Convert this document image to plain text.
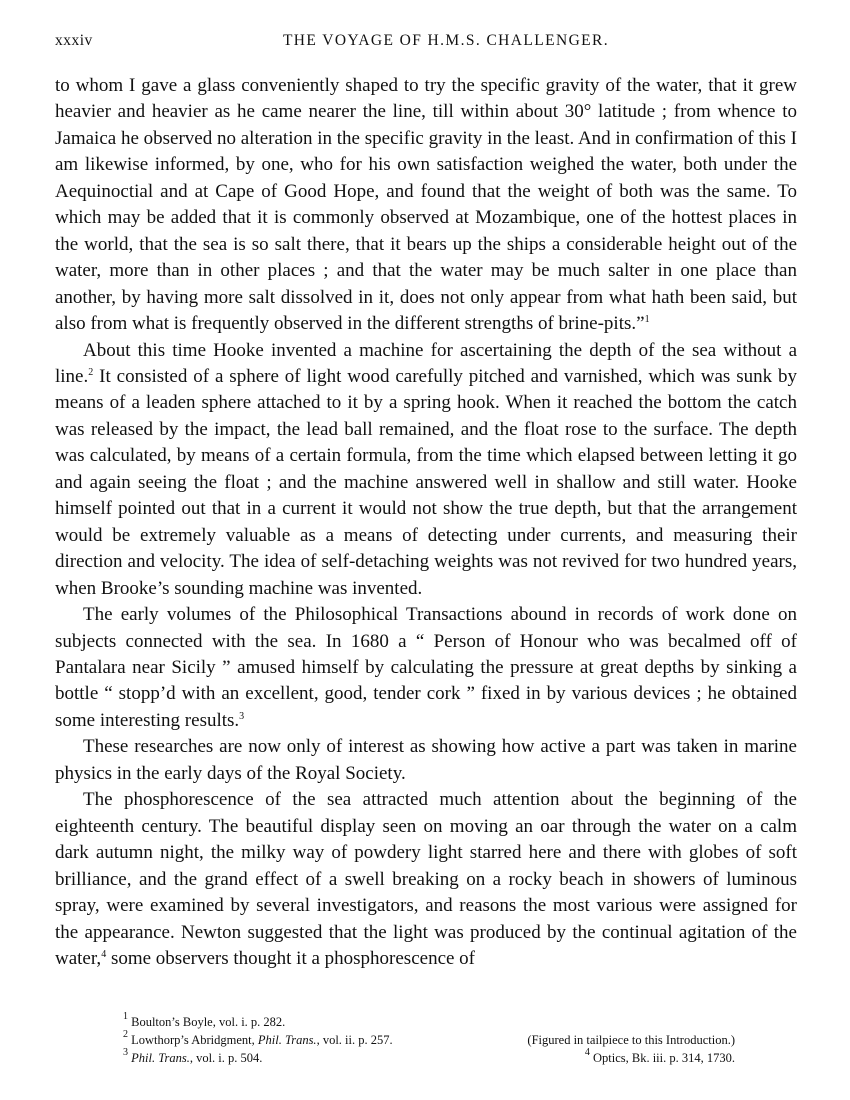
xxxiv	THE VOYAGE OF H.M.S. CHALLENGER.

to whom I gave a glass conveniently shaped to try the specific gravity of the water, that it grew heavier and heavier as he came nearer the line, till within about 30° latitude ; from whence to Jamaica he observed no alteration in the specific gravity in the least. And in confirmation of this I am likewise informed, by one, who for his own satisfaction weighed the water, both under the Aequinoctial and at Cape of Good Hope, and found that the weight of both was the same. To which may be added that it is commonly observed at Mozambique, one of the hottest places in the world, that the sea is so salt there, that it bears up the ships a considerable height out of the water, more than in other places ; and that the water may be much salter in one place than another, by having more salt dissolved in it, does not only appear from what hath been said, but also from what is frequently observed in the different strengths of brine-pits.”$^1$

About this time Hooke invented a machine for ascertaining the depth of the sea without a line.$^2$ It consisted of a sphere of light wood carefully pitched and varnished, which was sunk by means of a leaden sphere attached to it by a spring hook. When it reached the bottom the catch was released by the impact, the lead ball remained, and the float rose to the surface. The depth was calculated, by means of a certain formula, from the time which elapsed between letting it go and again seeing the float ; and the machine answered well in shallow and still water. Hooke himself pointed out that in a current it would not show the true depth, but that the arrangement would be extremely valuable as a means of detecting under currents, and measuring their direction and velocity. The idea of self-detaching weights was not revived for two hundred years, when Brooke’s sounding machine was invented.

The early volumes of the Philosophical Transactions abound in records of work done on subjects connected with the sea. In 1680 a “ Person of Honour who was becalmed off of Pantalara near Sicily ” amused himself by calculating the pressure at great depths by sinking a bottle “ stopp’d with an excellent, good, tender cork ” fixed in by various devices ; he obtained some interesting results.$^3$

These researches are now only of interest as showing how active a part was taken in marine physics in the early days of the Royal Society.

The phosphorescence of the sea attracted much attention about the beginning of the eighteenth century. The beautiful display seen on moving an oar through the water on a calm dark autumn night, the milky way of powdery light starred here and there with globes of soft brilliance, and the grand effect of a swell breaking on a rocky beach in showers of luminous spray, were examined by several investigators, and reasons the most various were assigned for the appearance. Newton suggested that the light was produced by the continual agitation of the water,$^4$ some observers thought it a phosphorescence of

$^1$ Boulton’s Boyle, vol. i. p. 282.
$^2$ Lowthorp’s Abridgment, Phil. Trans., vol. ii. p. 257.	(Figured in tailpiece to this Introduction.)
$^3$ Phil. Trans., vol. i. p. 504.	$^4$ Optics, Bk. iii. p. 314, 1730.
